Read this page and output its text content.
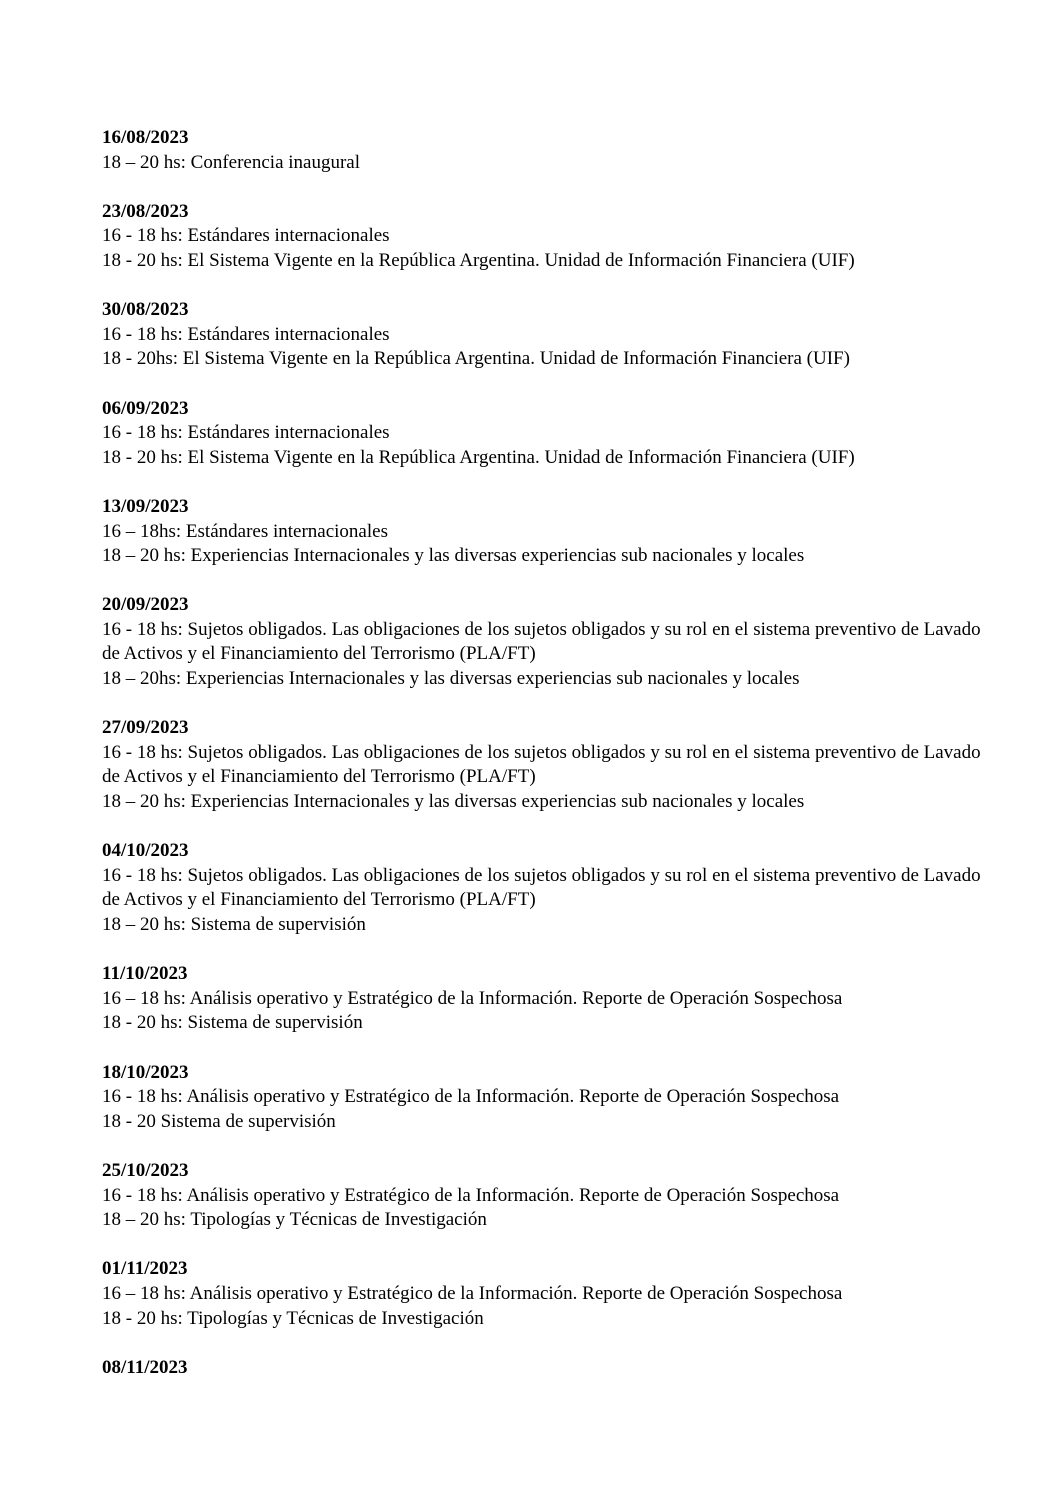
16/08/2023
18 – 20 hs: Conferencia inaugural
23/08/2023
16 - 18 hs: Estándares internacionales
18 - 20 hs: El Sistema Vigente en la República Argentina. Unidad de Información Financiera (UIF)
30/08/2023
16 - 18 hs: Estándares internacionales
18 - 20hs: El Sistema Vigente en la República Argentina. Unidad de Información Financiera (UIF)
06/09/2023
16 - 18 hs: Estándares internacionales
18 - 20 hs: El Sistema Vigente en la República Argentina. Unidad de Información Financiera (UIF)
13/09/2023
16 – 18hs: Estándares internacionales
18 – 20 hs: Experiencias Internacionales y las diversas experiencias sub nacionales y locales
20/09/2023
16 - 18 hs: Sujetos obligados. Las obligaciones de los sujetos obligados y su rol en el sistema preventivo de Lavado de Activos y el Financiamiento del Terrorismo (PLA/FT)
18 – 20hs: Experiencias Internacionales y las diversas experiencias sub nacionales y locales
27/09/2023
16 - 18 hs: Sujetos obligados. Las obligaciones de los sujetos obligados y su rol en el sistema preventivo de Lavado de Activos y el Financiamiento del Terrorismo (PLA/FT)
18 – 20 hs: Experiencias Internacionales y las diversas experiencias sub nacionales y locales
04/10/2023
16 - 18 hs: Sujetos obligados. Las obligaciones de los sujetos obligados y su rol en el sistema preventivo de Lavado de Activos y el Financiamiento del Terrorismo (PLA/FT)
18 – 20 hs: Sistema de supervisión
11/10/2023
16 – 18 hs: Análisis operativo y Estratégico de la Información. Reporte de Operación Sospechosa
18 - 20 hs: Sistema de supervisión
18/10/2023
16 - 18 hs: Análisis operativo y Estratégico de la Información. Reporte de Operación Sospechosa
18 - 20 Sistema de supervisión
25/10/2023
16 - 18 hs: Análisis operativo y Estratégico de la Información. Reporte de Operación Sospechosa
18 – 20 hs: Tipologías y Técnicas de Investigación
01/11/2023
16 – 18 hs: Análisis operativo y Estratégico de la Información. Reporte de Operación Sospechosa
18 - 20 hs: Tipologías y Técnicas de Investigación
08/11/2023
